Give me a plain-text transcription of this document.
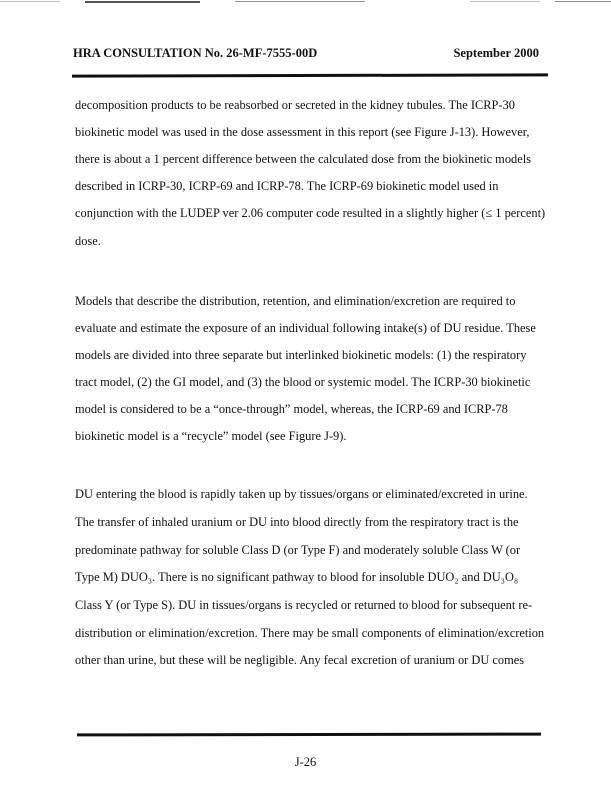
HRA CONSULTATION No. 26-MF-7555-00D	September 2000
decomposition products to be reabsorbed or secreted in the kidney tubules. The ICRP-30
biokinetic model was used in the dose assessment in this report (see Figure J-13). However,
there is about a 1 percent difference between the calculated dose from the biokinetic models
described in ICRP-30, ICRP-69 and ICRP-78. The ICRP-69 biokinetic model used in
conjunction with the LUDEP ver 2.06 computer code resulted in a slightly higher (≤ 1 percent)
dose.
Models that describe the distribution, retention, and elimination/excretion are required to
evaluate and estimate the exposure of an individual following intake(s) of DU residue. These
models are divided into three separate but interlinked biokinetic models: (1) the respiratory
tract model, (2) the GI model, and (3) the blood or systemic model. The ICRP-30 biokinetic
model is considered to be a “once-through” model, whereas, the ICRP-69 and ICRP-78
biokinetic model is a “recycle” model (see Figure J-9).
DU entering the blood is rapidly taken up by tissues/organs or eliminated/excreted in urine.
The transfer of inhaled uranium or DU into blood directly from the respiratory tract is the
predominate pathway for soluble Class D (or Type F) and moderately soluble Class W (or
Type M) DUO₃. There is no significant pathway to blood for insoluble DUO₂ and DU₃O₈
Class Y (or Type S). DU in tissues/organs is recycled or returned to blood for subsequent re-
distribution or elimination/excretion. There may be small components of elimination/excretion
other than urine, but these will be negligible. Any fecal excretion of uranium or DU comes
J-26
